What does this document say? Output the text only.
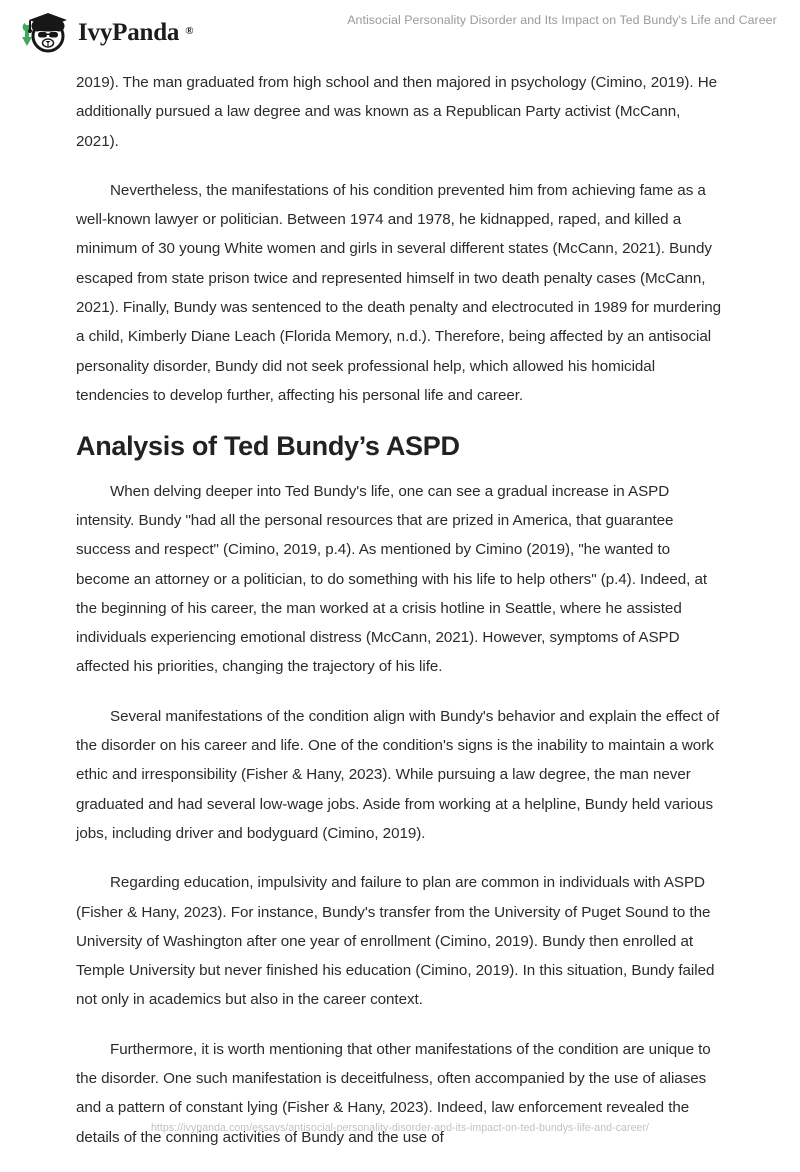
IvyPanda ®
Antisocial Personality Disorder and Its Impact on Ted Bundy's Life and Career

2019). The man graduated from high school and then majored in psychology (Cimino, 2019). He additionally pursued a law degree and was known as a Republican Party activist (McCann, 2021).

Nevertheless, the manifestations of his condition prevented him from achieving fame as a well-known lawyer or politician. Between 1974 and 1978, he kidnapped, raped, and killed a minimum of 30 young White women and girls in several different states (McCann, 2021). Bundy escaped from state prison twice and represented himself in two death penalty cases (McCann, 2021). Finally, Bundy was sentenced to the death penalty and electrocuted in 1989 for murdering a child, Kimberly Diane Leach (Florida Memory, n.d.). Therefore, being affected by an antisocial personality disorder, Bundy did not seek professional help, which allowed his homicidal tendencies to develop further, affecting his personal life and career.

Analysis of Ted Bundy’s ASPD

When delving deeper into Ted Bundy's life, one can see a gradual increase in ASPD intensity. Bundy "had all the personal resources that are prized in America, that guarantee success and respect" (Cimino, 2019, p.4). As mentioned by Cimino (2019), "he wanted to become an attorney or a politician, to do something with his life to help others" (p.4). Indeed, at the beginning of his career, the man worked at a crisis hotline in Seattle, where he assisted individuals experiencing emotional distress (McCann, 2021). However, symptoms of ASPD affected his priorities, changing the trajectory of his life.

Several manifestations of the condition align with Bundy's behavior and explain the effect of the disorder on his career and life. One of the condition's signs is the inability to maintain a work ethic and irresponsibility (Fisher & Hany, 2023). While pursuing a law degree, the man never graduated and had several low-wage jobs. Aside from working at a helpline, Bundy held various jobs, including driver and bodyguard (Cimino, 2019).

Regarding education, impulsivity and failure to plan are common in individuals with ASPD (Fisher & Hany, 2023). For instance, Bundy's transfer from the University of Puget Sound to the University of Washington after one year of enrollment (Cimino, 2019). Bundy then enrolled at Temple University but never finished his education (Cimino, 2019). In this situation, Bundy failed not only in academics but also in the career context.

Furthermore, it is worth mentioning that other manifestations of the condition are unique to the disorder. One such manifestation is deceitfulness, often accompanied by the use of aliases and a pattern of constant lying (Fisher & Hany, 2023). Indeed, law enforcement revealed the details of the conning activities of Bundy and the use of

https://ivypanda.com/essays/antisocial-personality-disorder-and-its-impact-on-ted-bundys-life-and-career/
